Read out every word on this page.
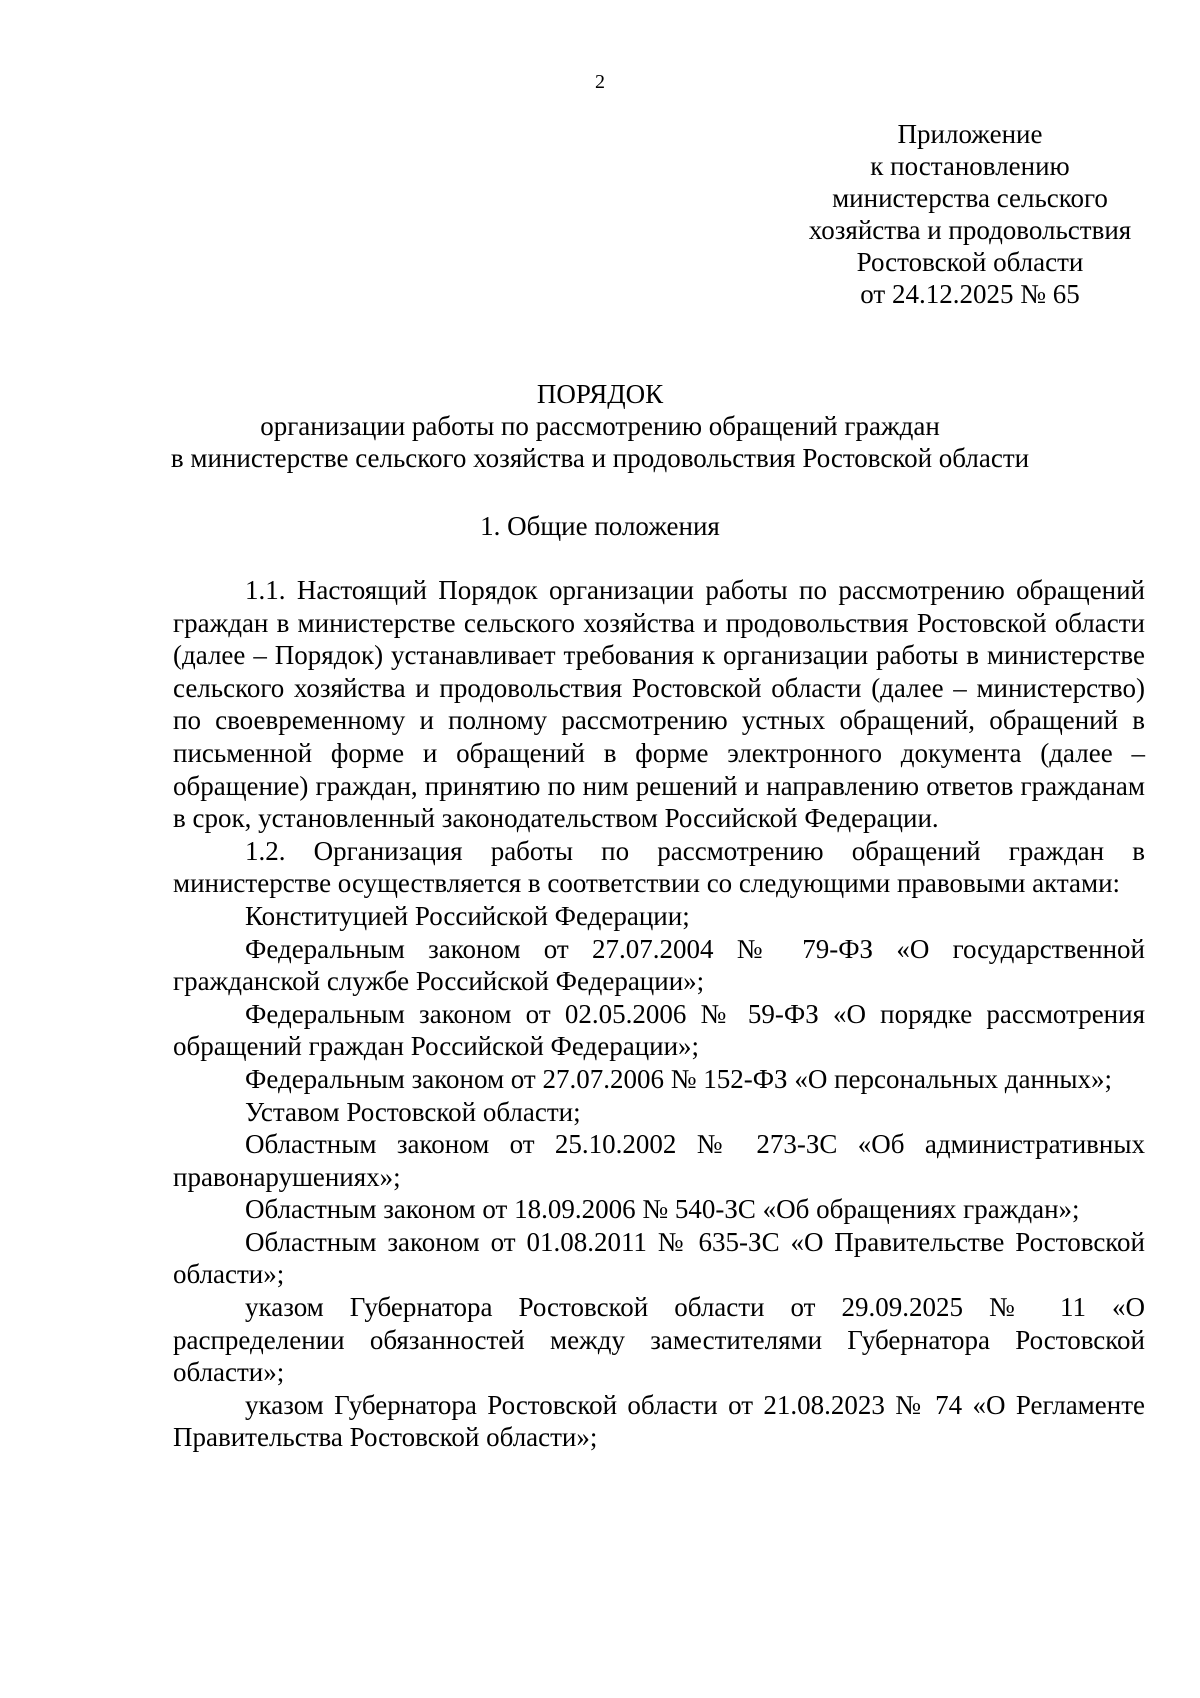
2
Приложение
к постановлению
министерства сельского
хозяйства и продовольствия
Ростовской области
от 24.12.2025 № 65
ПОРЯДОК
организации работы по рассмотрению обращений граждан
в министерстве сельского хозяйства и продовольствия Ростовской области
1. Общие положения

1.1. Настоящий Порядок организации работы по рассмотрению обращений граждан в министерстве сельского хозяйства и продовольствия Ростовской области (далее – Порядок) устанавливает требования к организации работы в министерстве сельского хозяйства и продовольствия Ростовской области (далее – министерство) по своевременному и полному рассмотрению устных обращений, обращений в письменной форме и обращений в форме электронного документа (далее – обращение) граждан, принятию по ним решений и направлению ответов гражданам в срок, установленный законодательством Российской Федерации.

1.2. Организация работы по рассмотрению обращений граждан в министерстве осуществляется в соответствии со следующими правовыми актами:

Конституцией Российской Федерации;

Федеральным законом от 27.07.2004 № 79-ФЗ «О государственной гражданской службе Российской Федерации»;

Федеральным законом от 02.05.2006 № 59-ФЗ «О порядке рассмотрения обращений граждан Российской Федерации»;

Федеральным законом от 27.07.2006 № 152-ФЗ «О персональных данных»;

Уставом Ростовской области;

Областным законом от 25.10.2002 № 273-ЗС «Об административных правонарушениях»;

Областным законом от 18.09.2006 № 540-ЗС «Об обращениях граждан»;

Областным законом от 01.08.2011 № 635-ЗС «О Правительстве Ростовской области»;

указом Губернатора Ростовской области от 29.09.2025 № 11 «О распределении обязанностей между заместителями Губернатора Ростовской области»;

указом Губернатора Ростовской области от 21.08.2023 № 74 «О Регламенте Правительства Ростовской области»;
